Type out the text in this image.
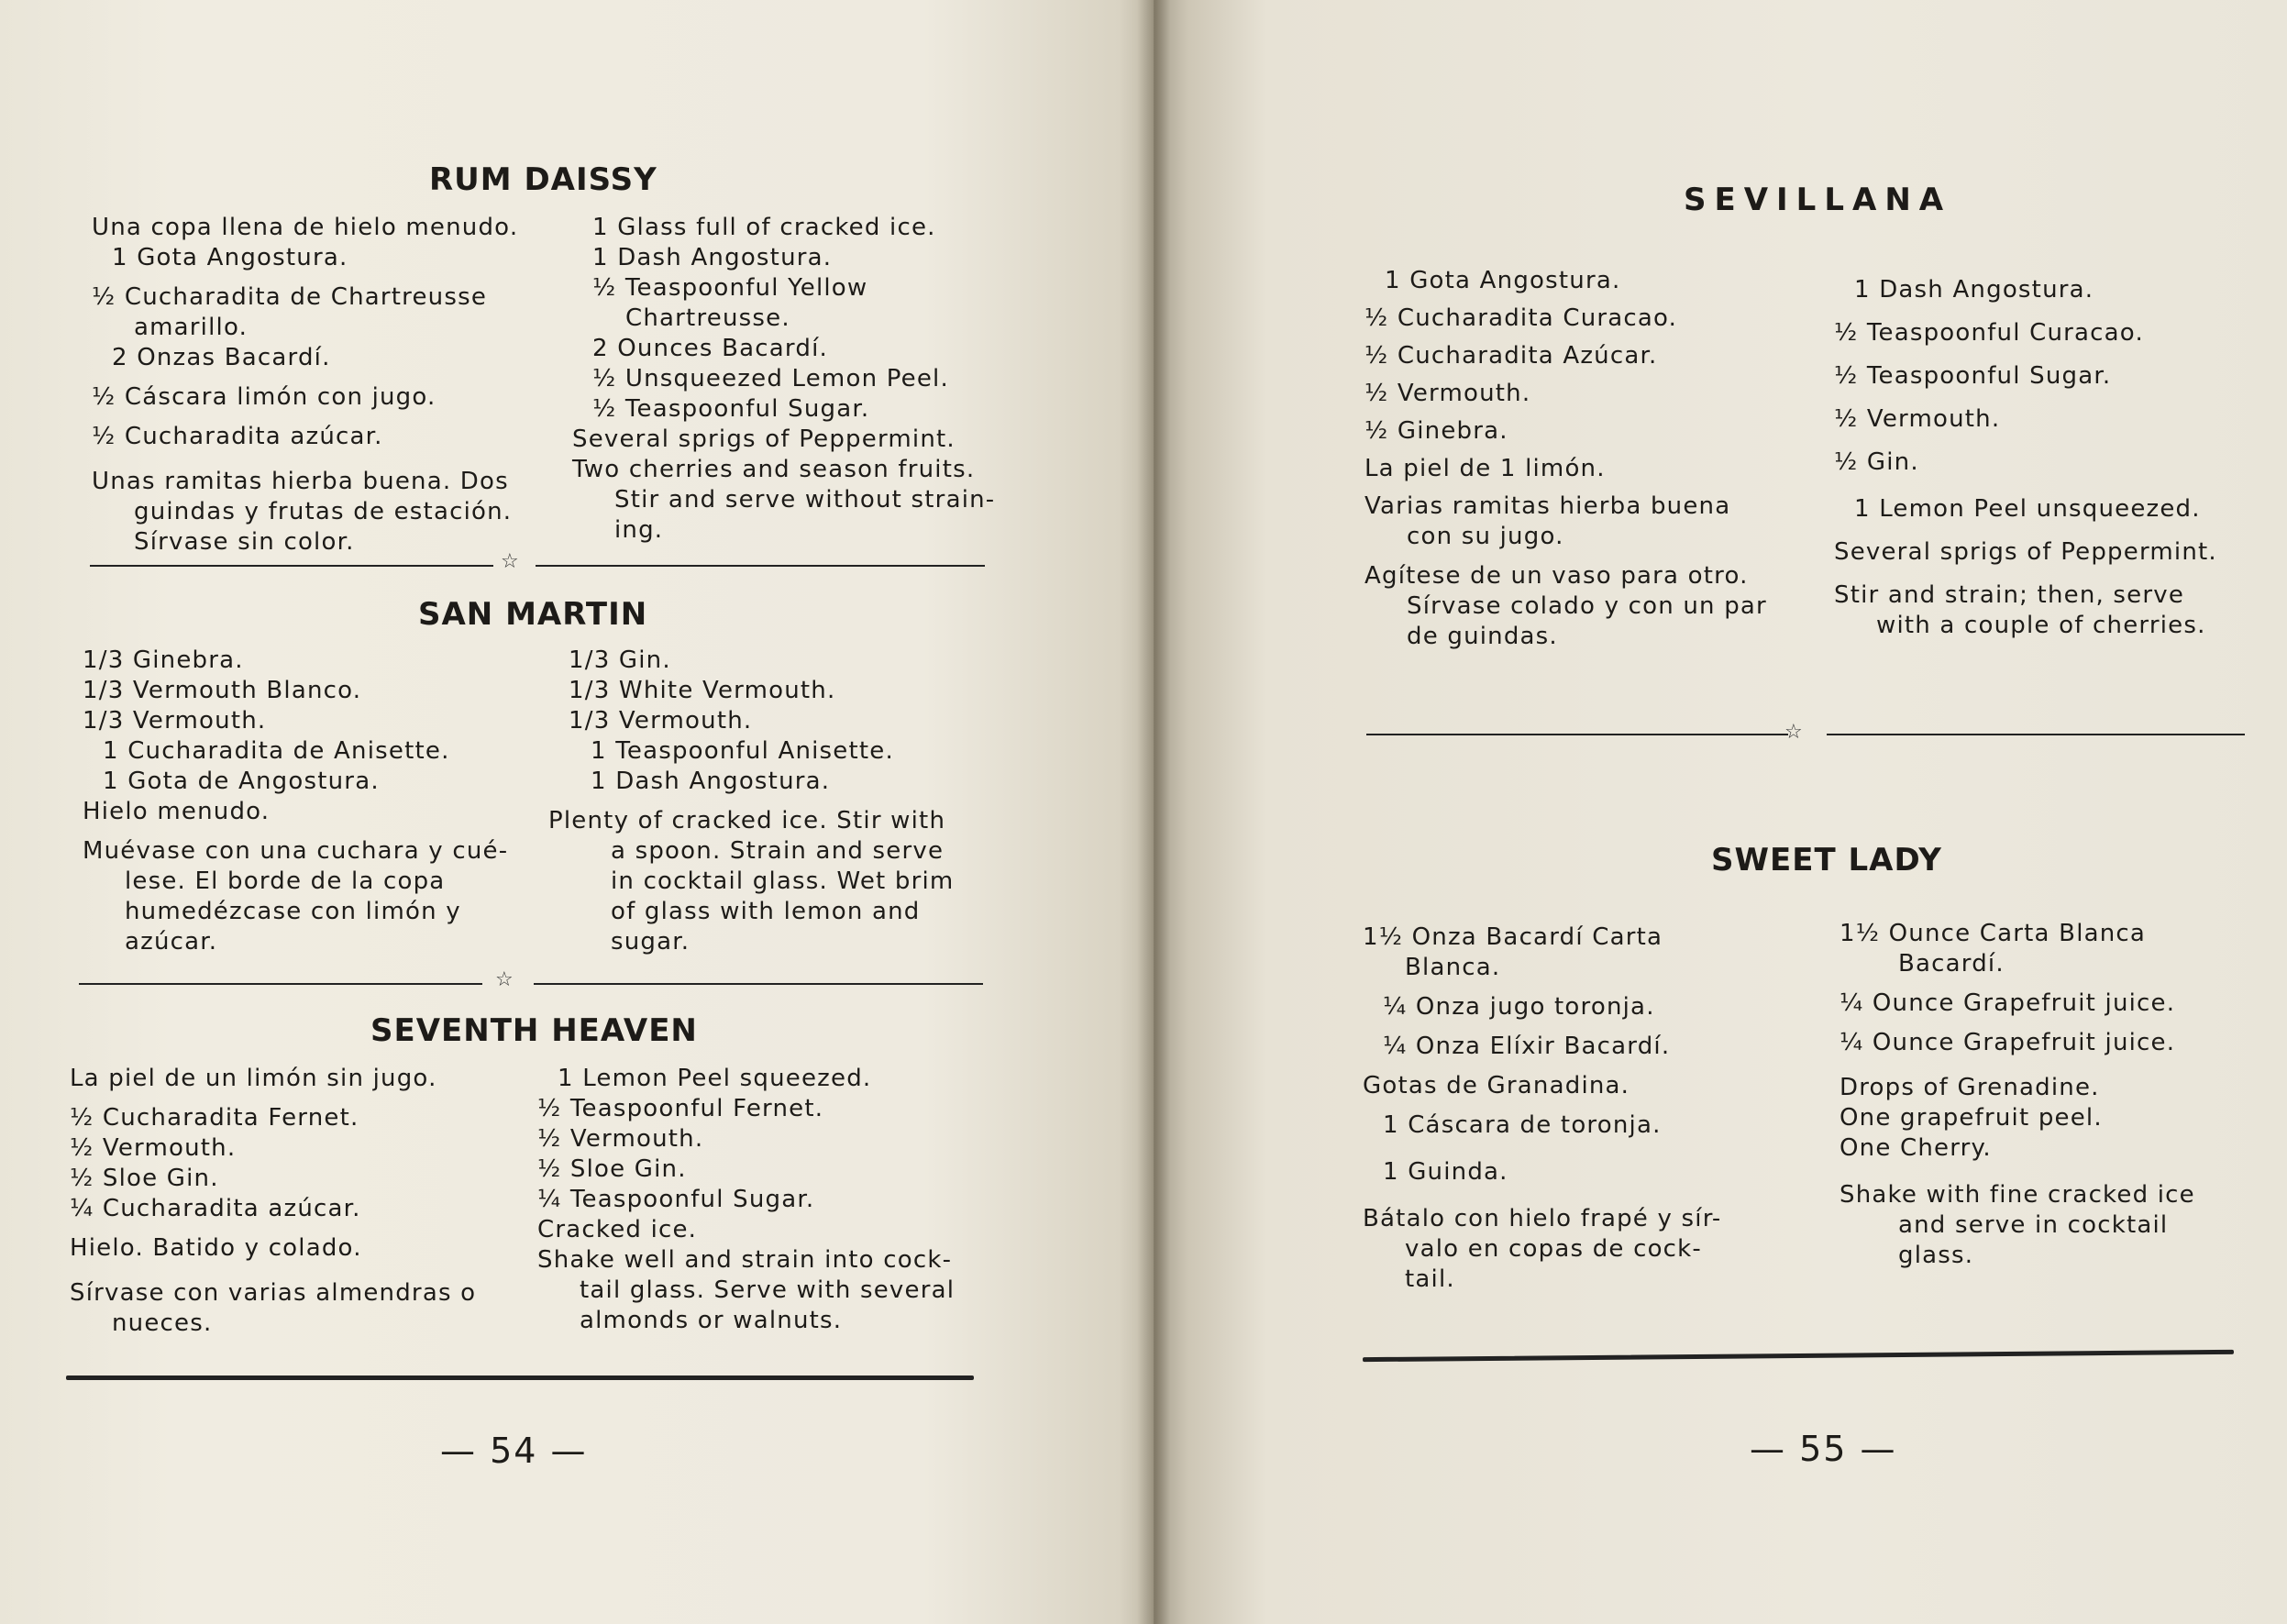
RUM DAISSY
Una copa llena de hielo menudo.
1 Gota Angostura.
½ Cucharadita de Chartreusse
amarillo.
2 Onzas Bacardí.
½ Cáscara limón con jugo.
½ Cucharadita azúcar.
Unas ramitas hierba buena. Dos
guindas y frutas de estación.
Sírvase sin color.
1 Glass full of cracked ice.
1 Dash Angostura.
½ Teaspoonful Yellow
Chartreusse.
2 Ounces Bacardí.
½ Unsqueezed Lemon Peel.
½ Teaspoonful Sugar.
Several sprigs of Peppermint.
Two cherries and season fruits.
Stir and serve without strain-
ing.
☆
SAN MARTIN
1/3 Ginebra.
1/3 Vermouth Blanco.
1/3 Vermouth.
1 Cucharadita de Anisette.
1 Gota de Angostura.
Hielo menudo.
Muévase con una cuchara y cué-
lese. El borde de la copa
humedézcase con limón y
azúcar.
1/3 Gin.
1/3 White Vermouth.
1/3 Vermouth.
1 Teaspoonful Anisette.
1 Dash Angostura.
Plenty of cracked ice. Stir with
a spoon. Strain and serve
in cocktail glass. Wet brim
of glass with lemon and
sugar.
☆
SEVENTH HEAVEN
La piel de un limón sin jugo.
½ Cucharadita Fernet.
½ Vermouth.
½ Sloe Gin.
¼ Cucharadita azúcar.
Hielo. Batido y colado.
Sírvase con varias almendras o
nueces.
1 Lemon Peel squeezed.
½ Teaspoonful Fernet.
½ Vermouth.
½ Sloe Gin.
¼ Teaspoonful Sugar.
Cracked ice.
Shake well and strain into cock-
tail glass. Serve with several
almonds or walnuts.
— 54 —
SEVILLANA
1 Gota Angostura.
½ Cucharadita Curacao.
½ Cucharadita Azúcar.
½ Vermouth.
½ Ginebra.
La piel de 1 limón.
Varias ramitas hierba buena
con su jugo.
Agítese de un vaso para otro.
Sírvase colado y con un par
de guindas.
1 Dash Angostura.
½ Teaspoonful Curacao.
½ Teaspoonful Sugar.
½ Vermouth.
½ Gin.
1 Lemon Peel unsqueezed.
Several sprigs of Peppermint.
Stir and strain; then, serve
with a couple of cherries.
☆
SWEET LADY
1½ Onza Bacardí Carta
Blanca.
¼ Onza jugo toronja.
¼ Onza Elíxir Bacardí.
Gotas de Granadina.
1 Cáscara de toronja.
1 Guinda.
Bátalo con hielo frapé y sír-
valo en copas de cock-
tail.
1½ Ounce Carta Blanca
Bacardí.
¼ Ounce Grapefruit juice.
¼ Ounce Grapefruit juice.
Drops of Grenadine.
One grapefruit peel.
One Cherry.
Shake with fine cracked ice
and serve in cocktail
glass.
— 55 —
